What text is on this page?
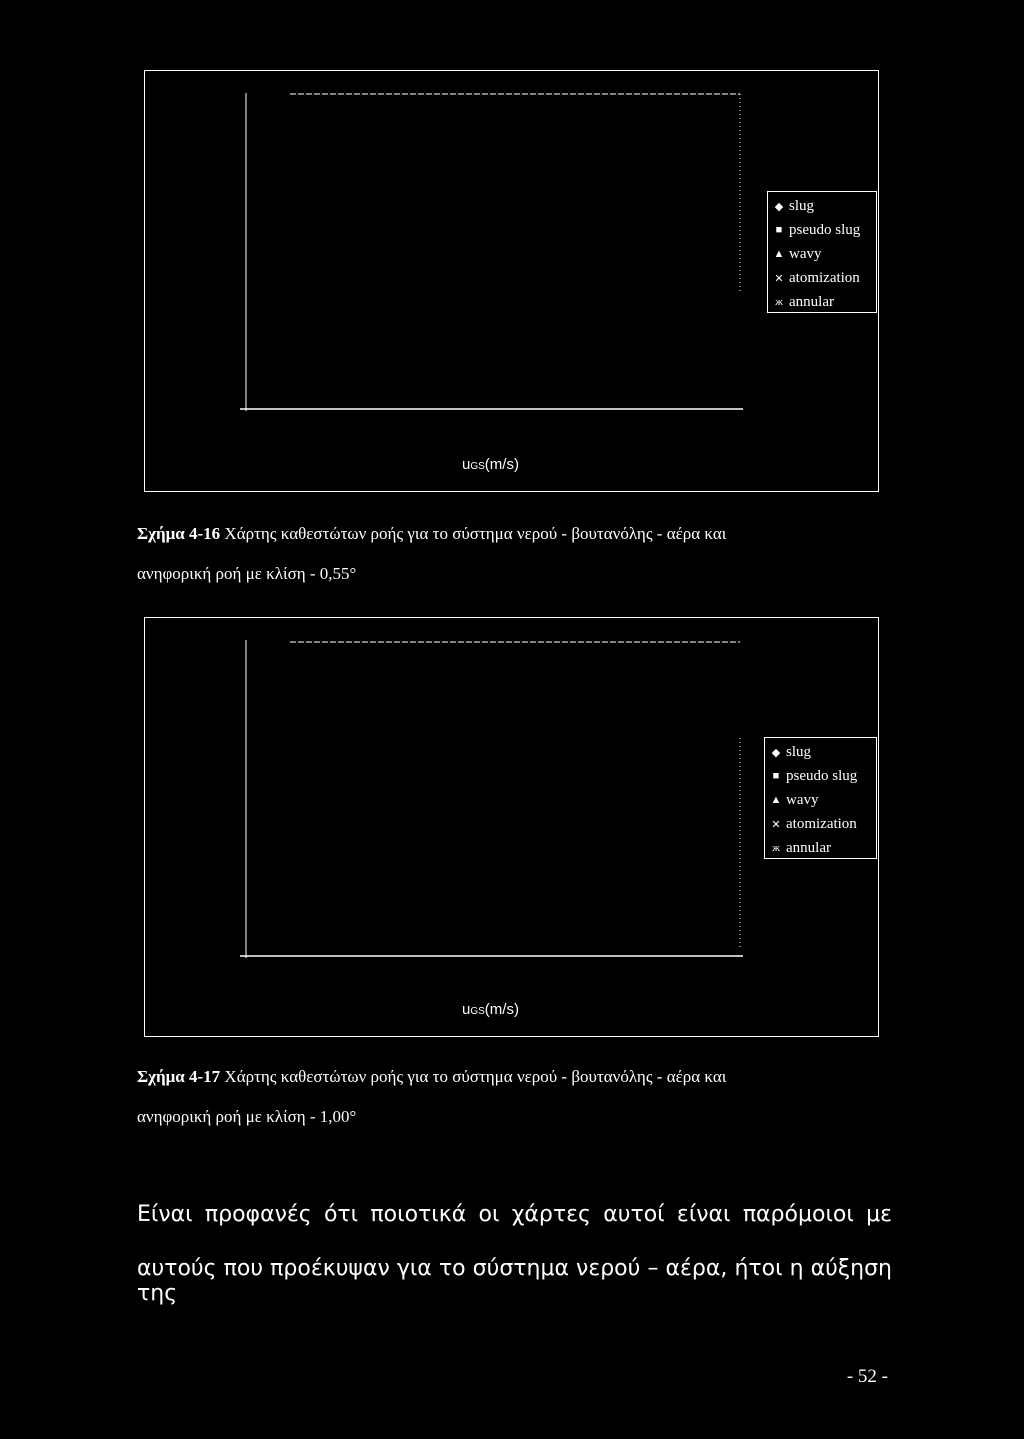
◆ slug
■ pseudo slug
▲ wavy
✕ atomization
ж annular
uGS(m/s)
Σχήμα 4-16 Χάρτης καθεστώτων ροής για το σύστημα νερού - βουτανόλης - αέρα και
ανηφορική ροή με κλίση - 0,55°
◆ slug
■ pseudo slug
▲ wavy
✕ atomization
ж annular
uGS(m/s)
Σχήμα 4-17 Χάρτης καθεστώτων ροής για το σύστημα νερού - βουτανόλης - αέρα και
ανηφορική ροή με κλίση - 1,00°
Είναι προφανές ότι ποιοτικά οι χάρτες αυτοί είναι παρόμοιοι με
αυτούς που προέκυψαν για το σύστημα νερού – αέρα, ήτοι η αύξηση της
- 52 -
